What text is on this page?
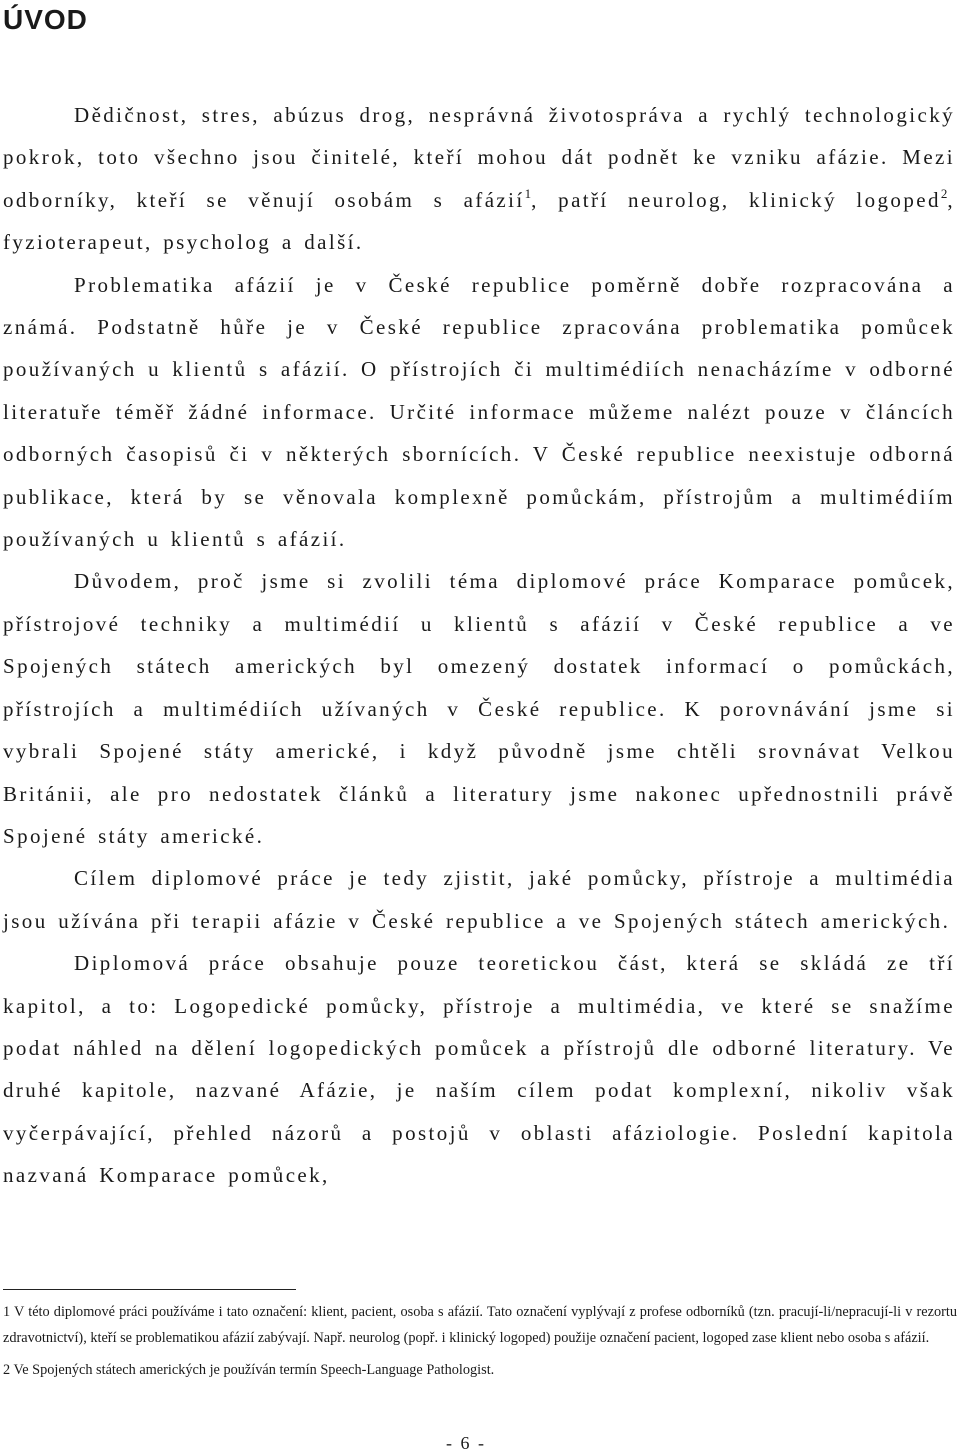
ÚVOD

Dědičnost, stres, abúzus drog, nesprávná životospráva a rychlý technologický pokrok, toto všechno jsou činitelé, kteří mohou dát podnět ke vzniku afázie. Mezi odborníky, kteří se věnují osobám s afázií$^1$, patří neurolog, klinický logoped$^2$, fyzioterapeut, psycholog a další.

Problematika afázií je v České republice poměrně dobře rozpracována a známá. Podstatně hůře je v České republice zpracována problematika pomůcek používaných u klientů s afázií. O přístrojích či multimédiích nenacházíme v odborné literatuře téměř žádné informace. Určité informace můžeme nalézt pouze v článcích odborných časopisů či v některých sbornících. V České republice neexistuje odborná publikace, která by se věnovala komplexně pomůckám, přístrojům a multimédiím používaných u klientů s afázií.

Důvodem, proč jsme si zvolili téma diplomové práce Komparace pomůcek, přístrojové techniky a multimédií u klientů s afázií v České republice a ve Spojených státech amerických byl omezený dostatek informací o pomůckách, přístrojích a multimédiích užívaných v České republice. K porovnávání jsme si vybrali Spojené státy americké, i když původně jsme chtěli srovnávat Velkou Británii, ale pro nedostatek článků a literatury jsme nakonec upřednostnili právě Spojené státy americké.

Cílem diplomové práce je tedy zjistit, jaké pomůcky, přístroje a multimédia jsou užívána při terapii afázie v České republice a ve Spojených státech amerických.

Diplomová práce obsahuje pouze teoretickou část, která se skládá ze tří kapitol, a to: Logopedické pomůcky, přístroje a multimédia, ve které se snažíme podat náhled na dělení logopedických pomůcek a přístrojů dle odborné literatury. Ve druhé kapitole, nazvané Afázie, je naším cílem podat komplexní, nikoliv však vyčerpávající, přehled názorů a postojů v oblasti afáziologie. Poslední kapitola nazvaná Komparace pomůcek,

1 V této diplomové práci používáme i tato označení: klient, pacient, osoba s afázií. Tato označení vyplývají z profese odborníků (tzn. pracují-li/nepracují-li v rezortu zdravotnictví), kteří se problematikou afázií zabývají. Např. neurolog (popř. i klinický logoped) použije označení pacient, logoped zase klient nebo osoba s afázií.

2 Ve Spojených státech amerických je používán termín Speech-Language Pathologist.

- 6 -
